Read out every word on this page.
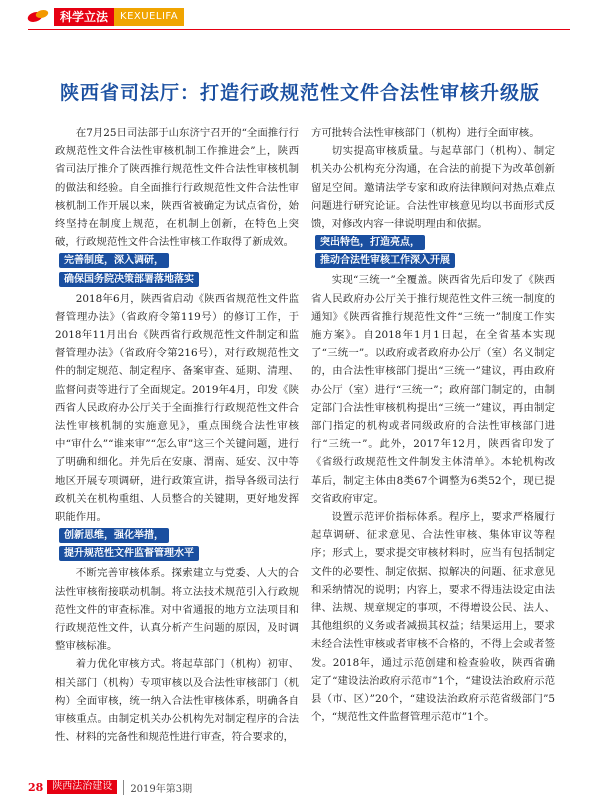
科学立法	KEXUELIFA
陕西省司法厅：打造行政规范性文件合法性审核升级版

在7月25日司法部于山东济宁召开的“全面推行行政规范性文件合法性审核机制工作推进会”上，陕西省司法厅推介了陕西推行规范性文件合法性审核机制的做法和经验。自全面推行行政规范性文件合法性审核机制工作开展以来，陕西省被确定为试点省份，始终坚持在制度上规范，在机制上创新，在特色上突破，行政规范性文件合法性审核工作取得了新成效。

完善制度，深入调研，
确保国务院决策部署落地落实

2018年6月，陕西省启动《陕西省规范性文件监督管理办法》（省政府令第119号）的修订工作，于2018年11月出台《陕西省行政规范性文件制定和监督管理办法》（省政府令第216号），对行政规范性文件的制定规范、制定程序、备案审查、延期、清理、监督问责等进行了全面规定。2019年4月，印发《陕西省人民政府办公厅关于全面推行行政规范性文件合法性审核机制的实施意见》，重点围绕合法性审核中“审什么”“谁来审”“怎么审”这三个关键问题，进行了明确和细化。并先后在安康、渭南、延安、汉中等地区开展专项调研，进行政策宣讲，指导各级司法行政机关在机构重组、人员整合的关键期，更好地发挥职能作用。

创新思维，强化举措，
提升规范性文件监督管理水平

不断完善审核体系。探索建立与党委、人大的合法性审核衔接联动机制。将立法技术规范引入行政规范性文件的审查标准。对中省通报的地方立法项目和行政规范性文件，认真分析产生问题的原因，及时调整审核标准。

着力优化审核方式。将起草部门（机构）初审、相关部门（机构）专项审核以及合法性审核部门（机构）全面审核，统一纳入合法性审核体系，明确各自审核重点。由制定机关办公机构先对制定程序的合法性、材料的完备性和规范性进行审查，符合要求的，

方可批转合法性审核部门（机构）进行全面审核。

切实提高审核质量。与起草部门（机构）、制定机关办公机构充分沟通，在合法的前提下为改革创新留足空间。邀请法学专家和政府法律顾问对热点难点问题进行研究论证。合法性审核意见均以书面形式反馈，对修改内容一律说明理由和依据。

突出特色，打造亮点，
推动合法性审核工作深入开展

实现“三统一”全覆盖。陕西省先后印发了《陕西省人民政府办公厅关于推行规范性文件三统一制度的通知》《陕西省推行规范性文件“三统一”制度工作实施方案》。自2018年1月1日起，在全省基本实现了“三统一”。以政府或者政府办公厅（室）名义制定的，由合法性审核部门提出“三统一”建议，再由政府办公厅（室）进行“三统一”；政府部门制定的，由制定部门合法性审核机构提出“三统一”建议，再由制定部门指定的机构或者同级政府的合法性审核部门进行“三统一”。此外，2017年12月，陕西省印发了《省级行政规范性文件制发主体清单》。本轮机构改革后，制定主体由8类67个调整为6类52个，现已提交省政府审定。

设置示范评价指标体系。程序上，要求严格履行起草调研、征求意见、合法性审核、集体审议等程序；形式上，要求提交审核材料时，应当有包括制定文件的必要性、制定依据、拟解决的问题、征求意见和采纳情况的说明；内容上，要求不得违法设定由法律、法规、规章规定的事项，不得增设公民、法人、其他组织的义务或者减损其权益；结果运用上，要求未经合法性审核或者审核不合格的，不得上会或者签发。2018年，通过示范创建和检查验收，陕西省确定了“建设法治政府示范市”1个，“建设法治政府示范县（市、区）”20个，“建设法治政府示范省级部门”5个，“规范性文件监督管理示范市”1个。

28 陕西法治建设	2019年第3期
